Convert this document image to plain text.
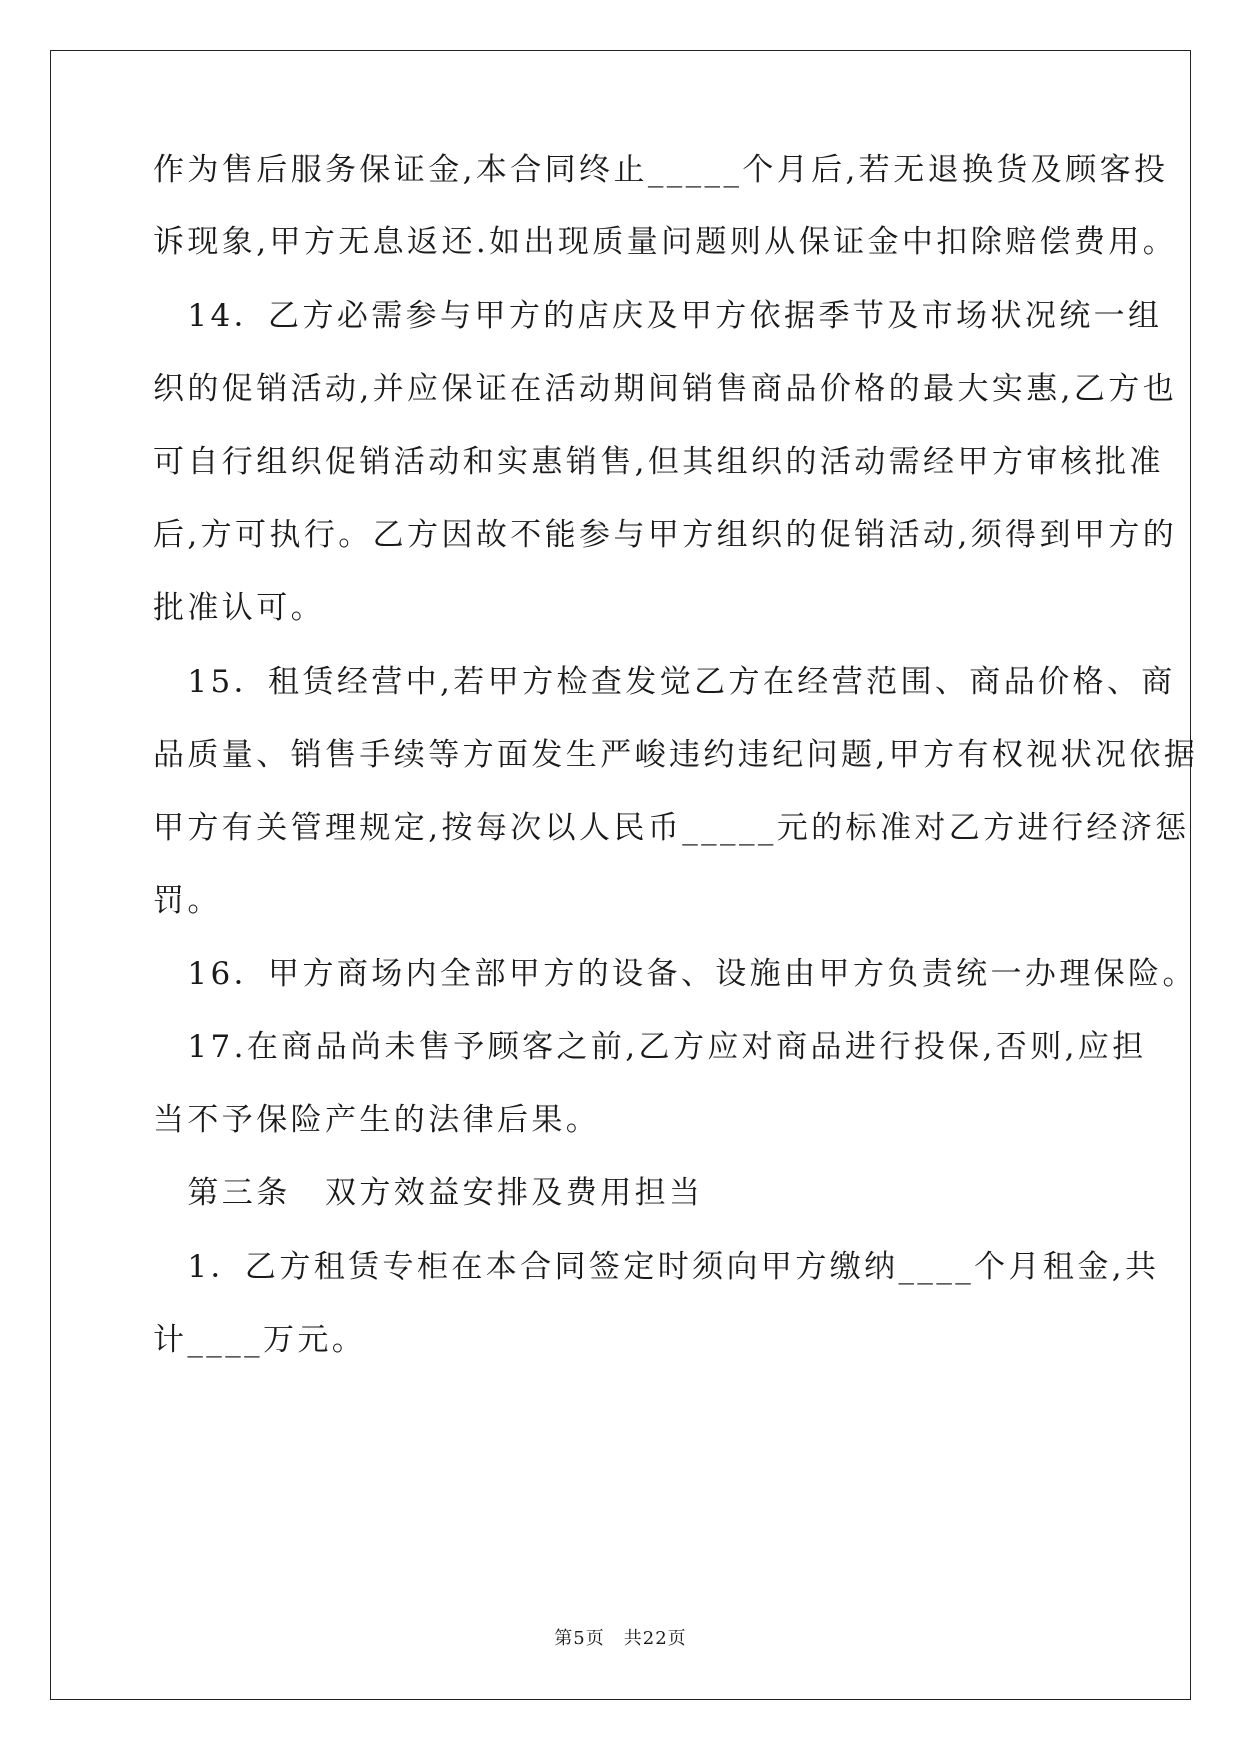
作为售后服务保证金,本合同终止_____个月后,若无退换货及顾客投
诉现象,甲方无息返还.如出现质量问题则从保证金中扣除赔偿费用。
　14．乙方必需参与甲方的店庆及甲方依据季节及市场状况统一组
织的促销活动,并应保证在活动期间销售商品价格的最大实惠,乙方也
可自行组织促销活动和实惠销售,但其组织的活动需经甲方审核批准
后,方可执行。乙方因故不能参与甲方组织的促销活动,须得到甲方的
批准认可。
　15．租赁经营中,若甲方检查发觉乙方在经营范围、商品价格、商
品质量、销售手续等方面发生严峻违约违纪问题,甲方有权视状况依据
甲方有关管理规定,按每次以人民币_____元的标准对乙方进行经济惩
罚。
　16．甲方商场内全部甲方的设备、设施由甲方负责统一办理保险。
　17.在商品尚未售予顾客之前,乙方应对商品进行投保,否则,应担
当不予保险产生的法律后果。
　第三条　双方效益安排及费用担当
　1．乙方租赁专柜在本合同签定时须向甲方缴纳____个月租金,共
计____万元。
第5页　共22页
